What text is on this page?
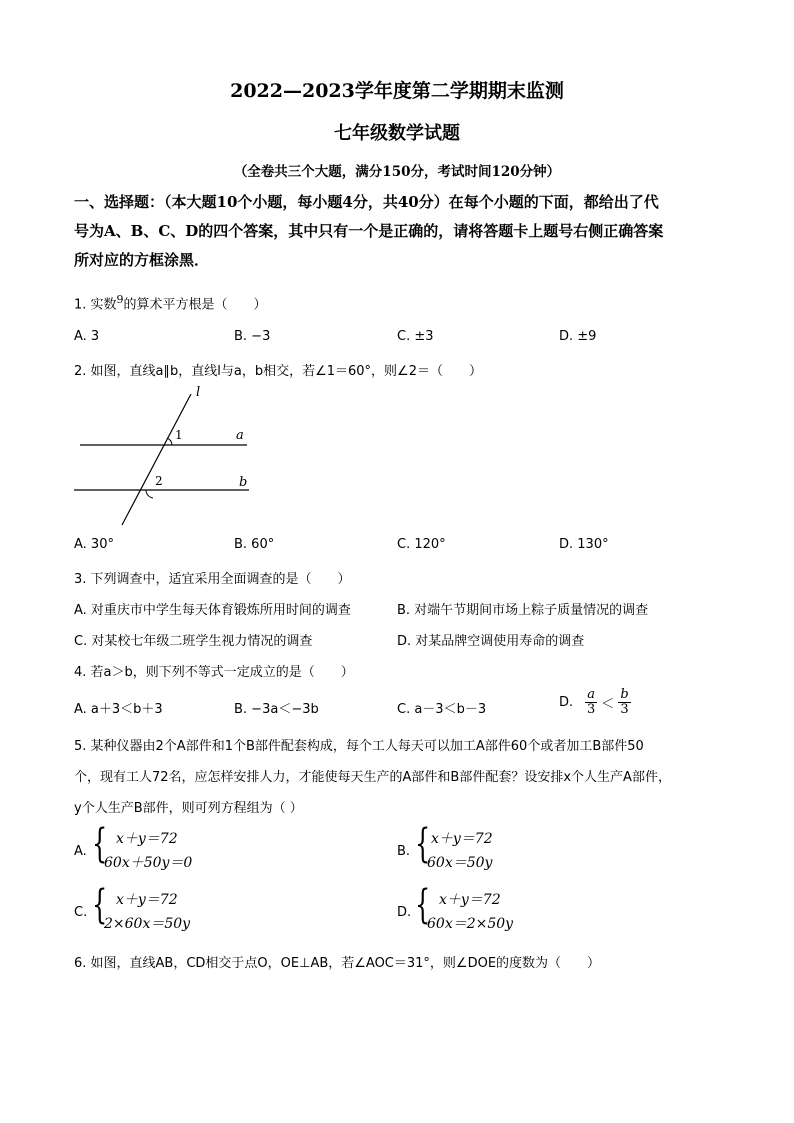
2022—2023学年度第二学期期末监测
七年级数学试题
（全卷共三个大题，满分150分，考试时间120分钟）
一、选择题：（本大题10个小题，每小题4分，共40分）在每个小题的下面，都给出了代
号为A、B、C、D的四个答案，其中只有一个是正确的，请将答题卡上题号右侧正确答案
所对应的方框涂黑．
1. 实数$^9$的算术平方根是（　　）
A. 3	B. −3	C. ±3	D. ±9
2. 如图，直线a∥b，直线l与a，b相交，若∠1＝60°，则∠2＝（　　）
l
1	a
2	b
A. 30°	B. 60°	C. 120°	D. 130°
3. 下列调查中，适宜采用全面调查的是（　　）
A. 对重庆市中学生每天体育锻炼所用时间的调查	B. 对端午节期间市场上粽子质量情况的调查
C. 对某校七年级二班学生视力情况的调查	D. 对某品牌空调使用寿命的调查
4. 若a＞b，则下列不等式一定成立的是（　　）
A. a＋3＜b＋3	B. −3a＜−3b	C. a－3＜b－3	D. $\frac{a}{3} < \frac{b}{3}$
5. 某种仪器由2个A部件和1个B部件配套构成，每个工人每天可以加工A部件60个或者加工B部件50
个，现有工人72名，应怎样安排人力，才能使每天生产的A部件和B部件配套？设安排x个人生产A部件，
y个人生产B部件，则可列方程组为（ ）
A. { x＋y＝72
60x＋50y＝0
B. { x＋y＝72
60x＝50y
C. { x＋y＝72
2×60x＝50y
D. { x＋y＝72
60x＝2×50y
6. 如图，直线AB，CD相交于点O，OE⊥AB，若∠AOC＝31°，则∠DOE的度数为（　　）
